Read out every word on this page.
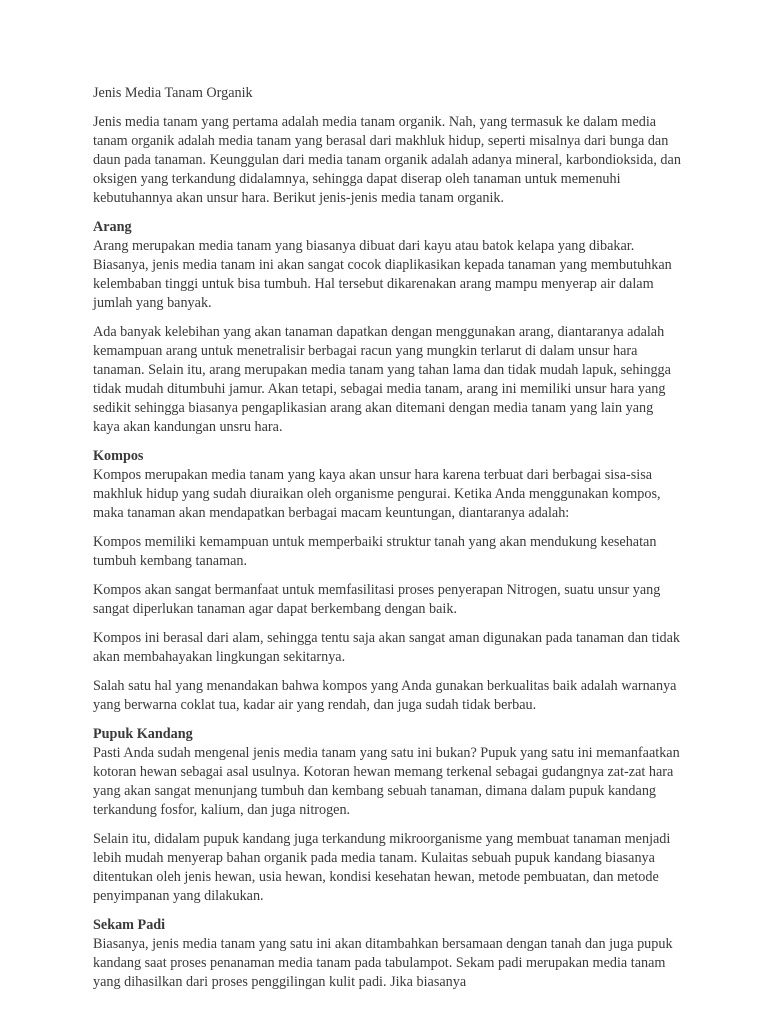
Jenis Media Tanam Organik

Jenis media tanam yang pertama adalah media tanam organik. Nah, yang termasuk ke dalam media tanam organik adalah media tanam yang berasal dari makhluk hidup, seperti misalnya dari bunga dan daun pada tanaman. Keunggulan dari media tanam organik adalah adanya mineral, karbondioksida, dan oksigen yang terkandung didalamnya, sehingga dapat diserap oleh tanaman untuk memenuhi kebutuhannya akan unsur hara. Berikut jenis-jenis media tanam organik.

Arang
Arang merupakan media tanam yang biasanya dibuat dari kayu atau batok kelapa yang dibakar. Biasanya, jenis media tanam ini akan sangat cocok diaplikasikan kepada tanaman yang membutuhkan kelembaban tinggi untuk bisa tumbuh. Hal tersebut dikarenakan arang mampu menyerap air dalam jumlah yang banyak.

Ada banyak kelebihan yang akan tanaman dapatkan dengan menggunakan arang, diantaranya adalah kemampuan arang untuk menetralisir berbagai racun yang mungkin terlarut di dalam unsur hara tanaman. Selain itu, arang merupakan media tanam yang tahan lama dan tidak mudah lapuk, sehingga tidak mudah ditumbuhi jamur. Akan tetapi, sebagai media tanam, arang ini memiliki unsur hara yang sedikit sehingga biasanya pengaplikasian arang akan ditemani dengan media tanam yang lain yang kaya akan kandungan unsru hara.

Kompos
Kompos merupakan media tanam yang kaya akan unsur hara karena terbuat dari berbagai sisa-sisa makhluk hidup yang sudah diuraikan oleh organisme pengurai. Ketika Anda menggunakan kompos, maka tanaman akan mendapatkan berbagai macam keuntungan, diantaranya adalah:

Kompos memiliki kemampuan untuk memperbaiki struktur tanah yang akan mendukung kesehatan tumbuh kembang tanaman.

Kompos akan sangat bermanfaat untuk memfasilitasi proses penyerapan Nitrogen, suatu unsur yang sangat diperlukan tanaman agar dapat berkembang dengan baik.

Kompos ini berasal dari alam, sehingga tentu saja akan sangat aman digunakan pada tanaman dan tidak akan membahayakan lingkungan sekitarnya.

Salah satu hal yang menandakan bahwa kompos yang Anda gunakan berkualitas baik adalah warnanya yang berwarna coklat tua, kadar air yang rendah, dan juga sudah tidak berbau.

Pupuk Kandang
Pasti Anda sudah mengenal jenis media tanam yang satu ini bukan? Pupuk yang satu ini memanfaatkan kotoran hewan sebagai asal usulnya. Kotoran hewan memang terkenal sebagai gudangnya zat-zat hara yang akan sangat menunjang tumbuh dan kembang sebuah tanaman, dimana dalam pupuk kandang terkandung fosfor, kalium, dan juga nitrogen.

Selain itu, didalam pupuk kandang juga terkandung mikroorganisme yang membuat tanaman menjadi lebih mudah menyerap bahan organik pada media tanam. Kulaitas sebuah pupuk kandang biasanya ditentukan oleh jenis hewan, usia hewan, kondisi kesehatan hewan, metode pembuatan, dan metode penyimpanan yang dilakukan.

Sekam Padi
Biasanya, jenis media tanam yang satu ini akan ditambahkan bersamaan dengan tanah dan juga pupuk kandang saat proses penanaman media tanam pada tabulampot. Sekam padi merupakan media tanam yang dihasilkan dari proses penggilingan kulit padi. Jika biasanya
